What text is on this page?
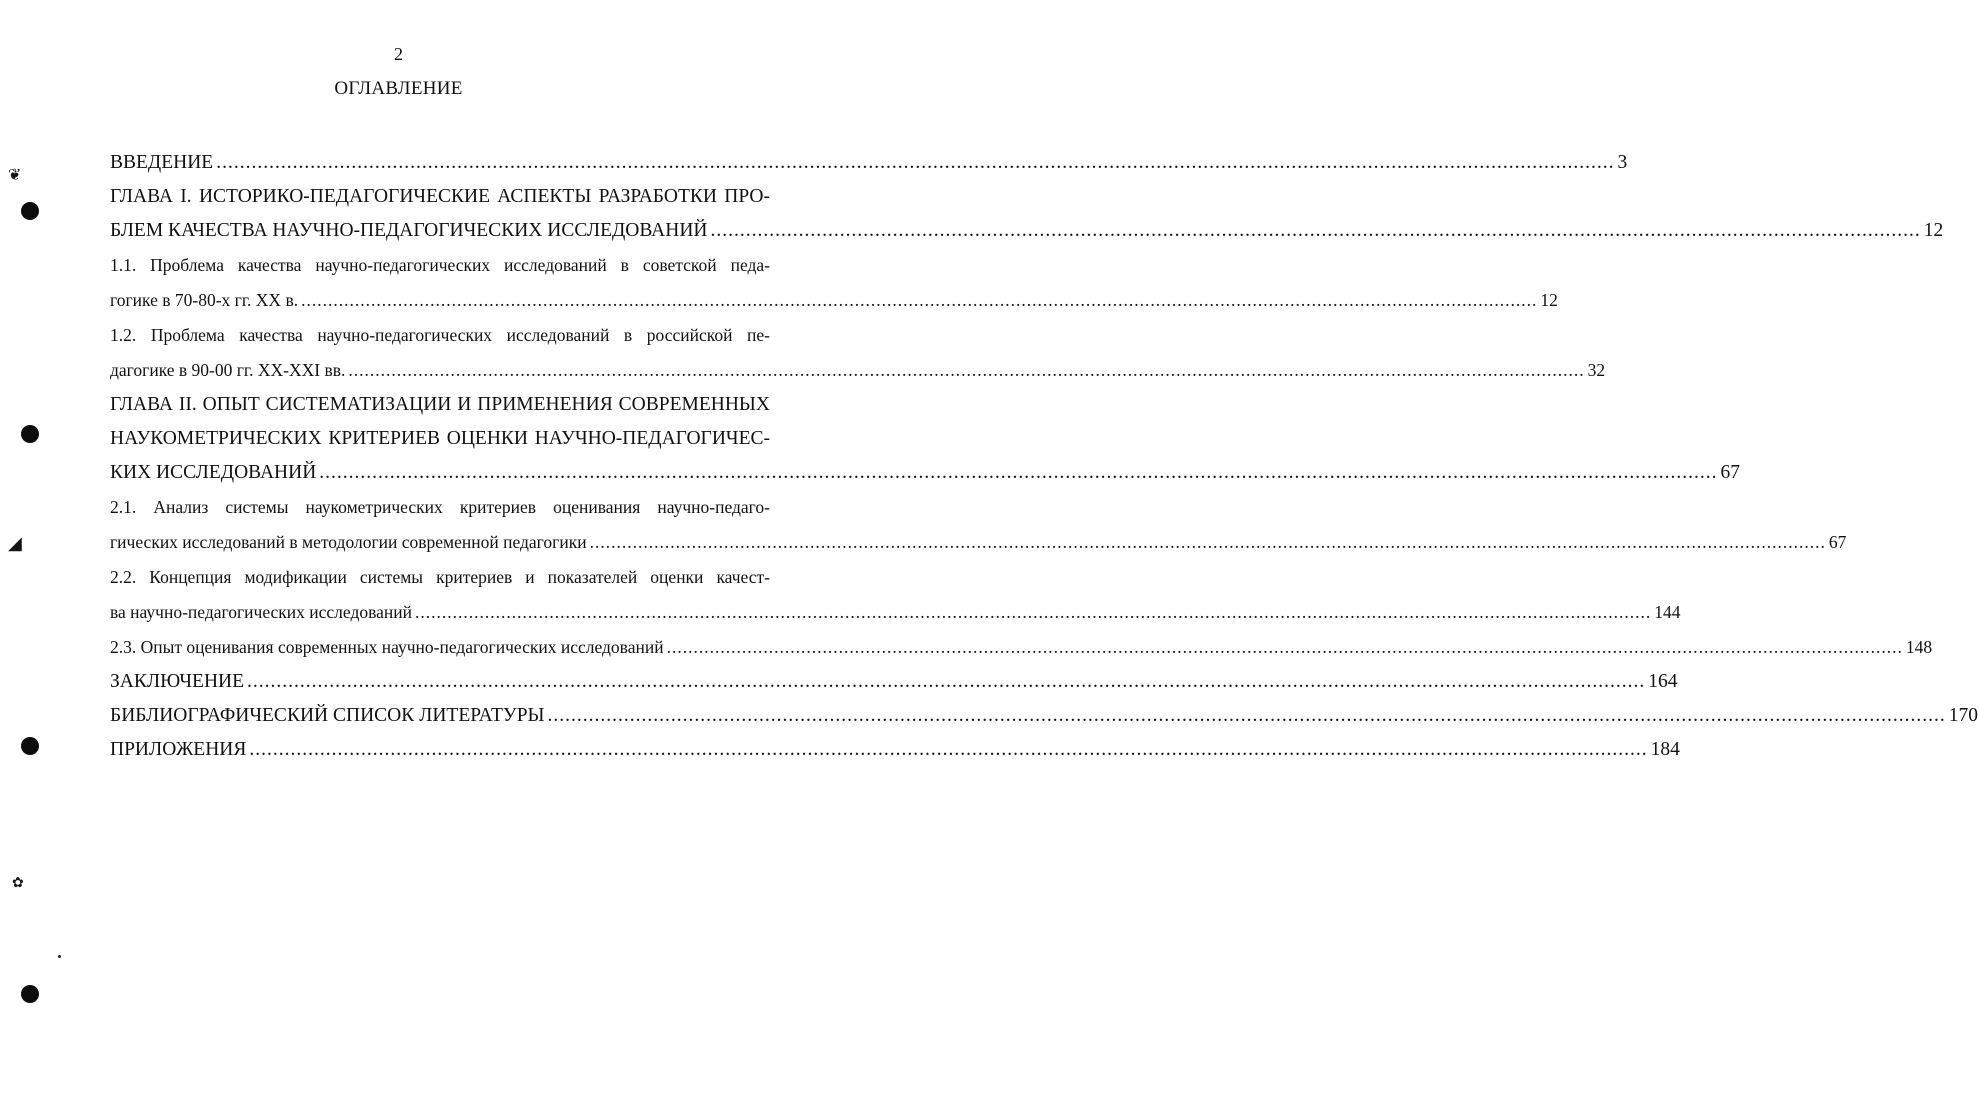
2
ОГЛАВЛЕНИЕ
❦
◢
✿
ВВЕДЕНИЕ .............................................................................................................................................................................................................................................. 3
ГЛАВА I. ИСТОРИКО-ПЕДАГОГИЧЕСКИЕ АСПЕКТЫ РАЗРАБОТКИ ПРО-
БЛЕМ КАЧЕСТВА НАУЧНО-ПЕДАГОГИЧЕСКИХ ИССЛЕДОВАНИЙ .............................................................................................................................................................................................................. 12
1.1. Проблема качества научно-педагогических исследований в советской педа-
гогике в 70-80-х гг. XX в. ...................................................................................................................................................................................................................................... 12
1.2. Проблема качества научно-педагогических исследований в российской пе-
дагогике в 90-00 гг. XX-XXI вв. ...................................................................................................................................................................................................................................... 32
ГЛАВА II. ОПЫТ СИСТЕМАТИЗАЦИИ И ПРИМЕНЕНИЯ СОВРЕМЕННЫХ
НАУКОМЕТРИЧЕСКИХ КРИТЕРИЕВ ОЦЕНКИ НАУЧНО-ПЕДАГОГИЧЕС-
КИХ ИССЛЕДОВАНИЙ .............................................................................................................................................................................................................................................. 67
2.1. Анализ системы наукометрических критериев оценивания научно-педаго-
гических исследований в методологии современной педагогики ...................................................................................................................................................................................................................................... 67
2.2. Концепция модификации системы критериев и показателей оценки качест-
ва научно-педагогических исследований ...................................................................................................................................................................................................................................... 144
2.3. Опыт оценивания современных научно-педагогических исследований ...................................................................................................................................................................................................................................... 148
ЗАКЛЮЧЕНИЕ .............................................................................................................................................................................................................................................. 164
БИБЛИОГРАФИЧЕСКИЙ СПИСОК ЛИТЕРАТУРЫ .............................................................................................................................................................................................................................................. 170
ПРИЛОЖЕНИЯ .............................................................................................................................................................................................................................................. 184
